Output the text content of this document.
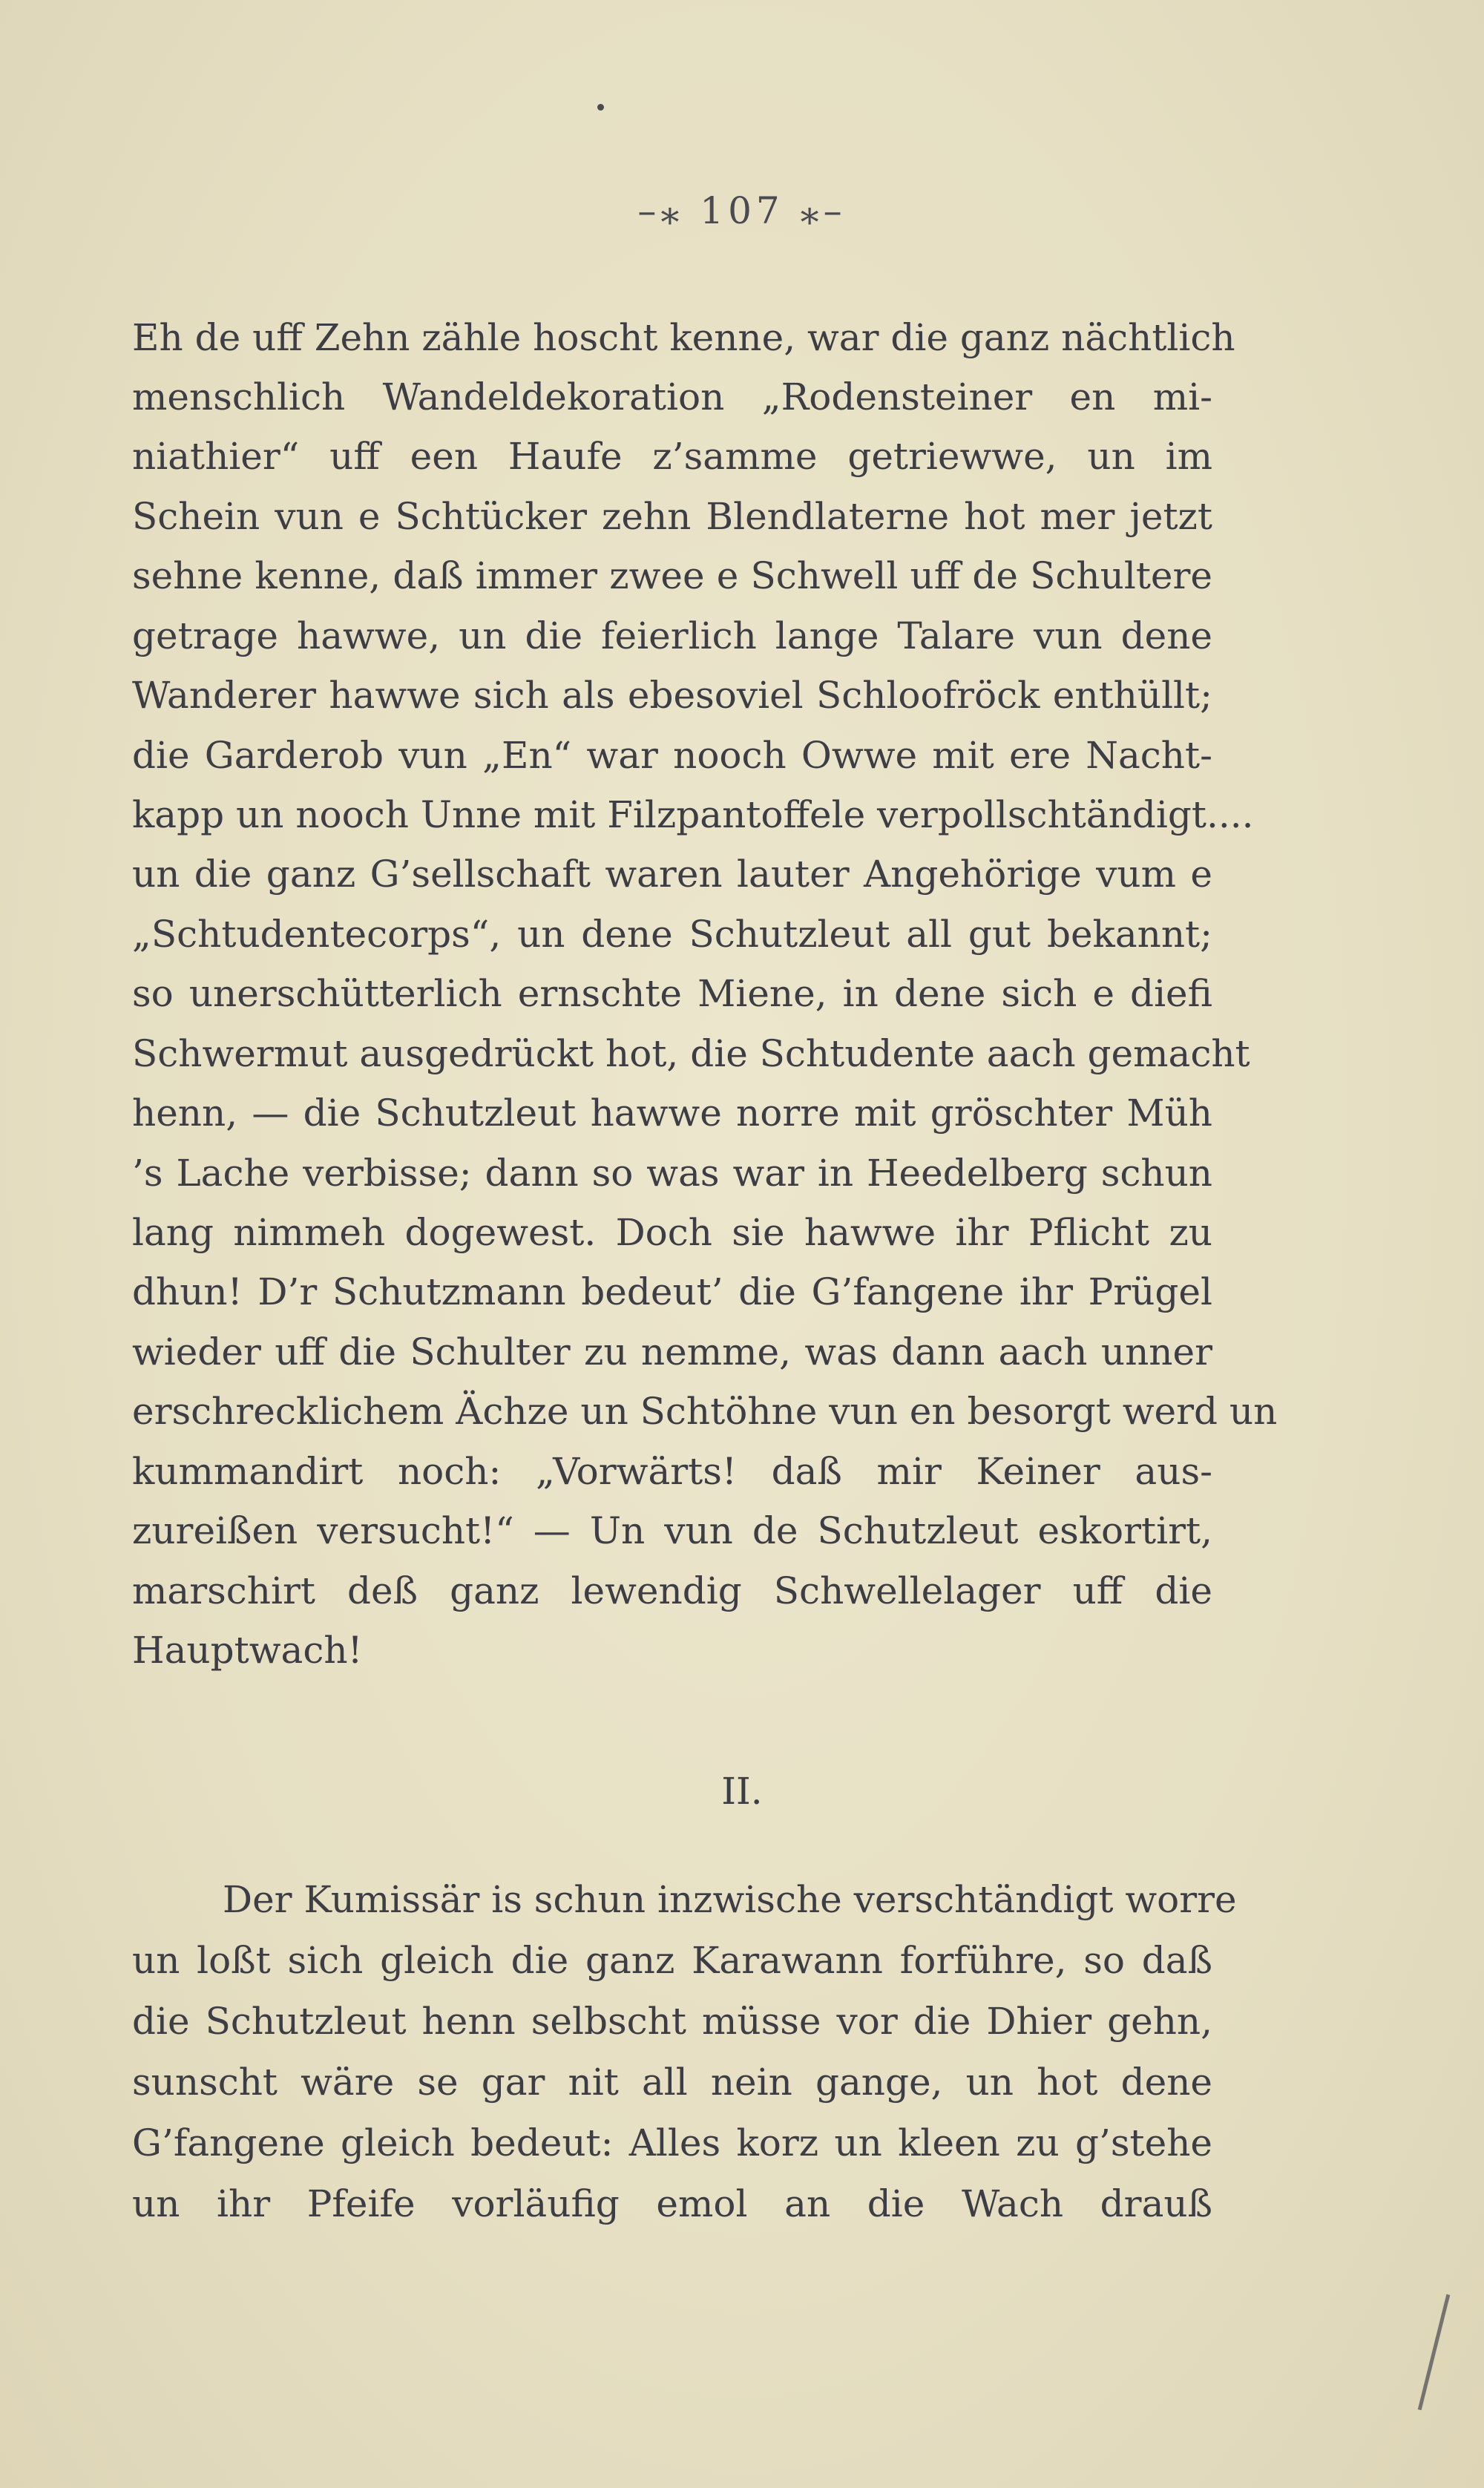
–⁎ 107 ⁎–
Eh de uff Zehn zähle hoscht kenne, war die ganz nächtlich
menschlich Wandeldekoration „Rodensteiner en mi-
niathier“ uff een Haufe z’samme getriewwe, un im
Schein vun e Schtücker zehn Blendlaterne hot mer jetzt
sehne kenne, daß immer zwee e Schwell uff de Schultere
getrage hawwe, un die feierlich lange Talare vun dene
Wanderer hawwe sich als ebesoviel Schloofröck enthüllt;
die Garderob vun „En“ war nooch Owwe mit ere Nacht-
kapp un nooch Unne mit Filzpantoffele verpollschtändigt....
un die ganz G’sellschaft waren lauter Angehörige vum e
„Schtudentecorps“, un dene Schutzleut all gut bekannt;
so unerschütterlich ernschte Miene, in dene sich e diefi
Schwermut ausgedrückt hot, die Schtudente aach gemacht
henn, — die Schutzleut hawwe norre mit gröschter Müh
’s Lache verbisse; dann so was war in Heedelberg schun
lang nimmeh dogewest. Doch sie hawwe ihr Pflicht zu
dhun! D’r Schutzmann bedeut’ die G’fangene ihr Prügel
wieder uff die Schulter zu nemme, was dann aach unner
erschrecklichem Ächze un Schtöhne vun en besorgt werd un
kummandirt noch: „Vorwärts! daß mir Keiner aus-
zureißen versucht!“ — Un vun de Schutzleut eskortirt,
marschirt deß ganz lewendig Schwellelager uff die
Hauptwach!
II.
Der Kumissär is schun inzwische verschtändigt worre
un loßt sich gleich die ganz Karawann forführe, so daß
die Schutzleut henn selbscht müsse vor die Dhier gehn,
sunscht wäre se gar nit all nein gange, un hot dene
G’fangene gleich bedeut: Alles korz un kleen zu g’stehe
un ihr Pfeife vorläufig emol an die Wach drauß
